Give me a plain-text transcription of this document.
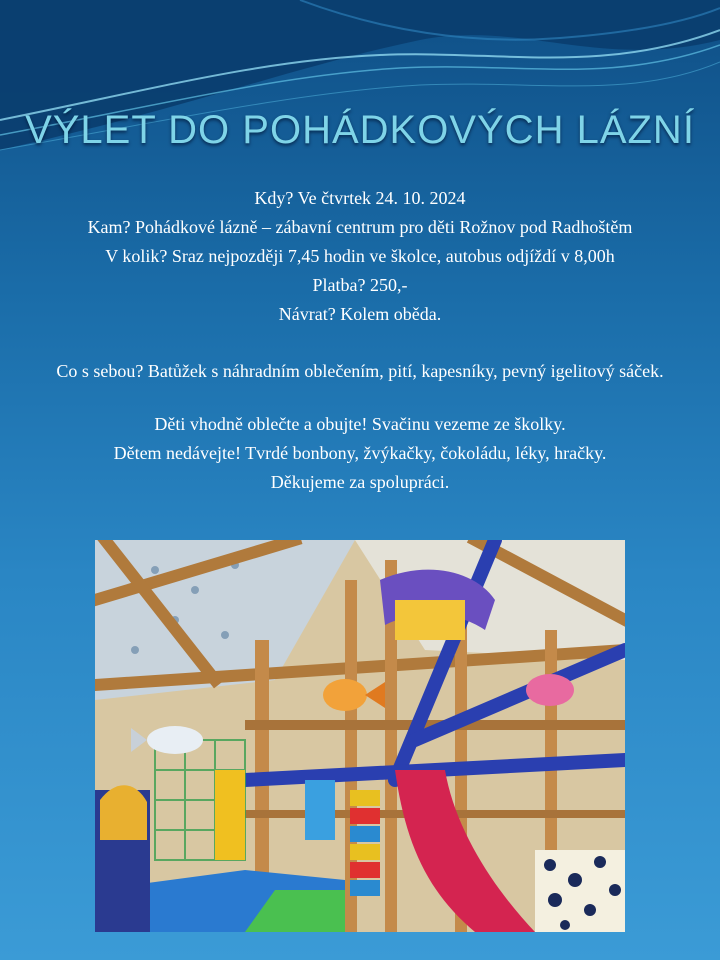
VÝLET DO POHÁDKOVÝCH LÁZNÍ

Kdy? Ve čtvrtek 24. 10. 2024

Kam? Pohádkové lázně – zábavní centrum pro děti Rožnov pod Radhoštěm

V kolik? Sraz nejpozději 7,45 hodin ve školce, autobus odjíždí v 8,00h

Platba? 250,-

Návrat? Kolem oběda.

Co s sebou? Batůžek s náhradním oblečením, pití, kapesníky, pevný igelitový sáček.

Děti vhodně oblečte a obujte! Svačinu vezeme ze školky.

Dětem nedávejte! Tvrdé bonbony, žvýkačky, čokoládu, léky, hračky.

Děkujeme za spolupráci.
